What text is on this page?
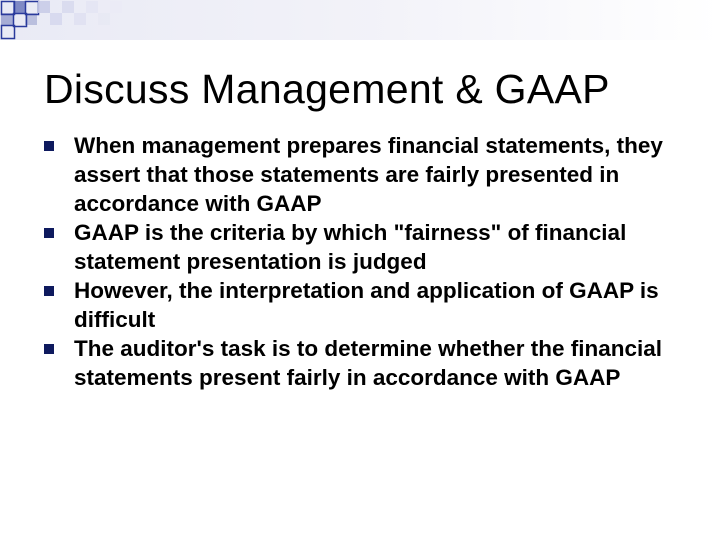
Discuss Management & GAAP
When management prepares financial statements, they assert that those statements are fairly presented in accordance with GAAP
GAAP is the criteria by which "fairness" of financial statement presentation is judged
However, the interpretation and application of GAAP is difficult
The auditor's task is to determine whether the financial statements present fairly in accordance with GAAP
